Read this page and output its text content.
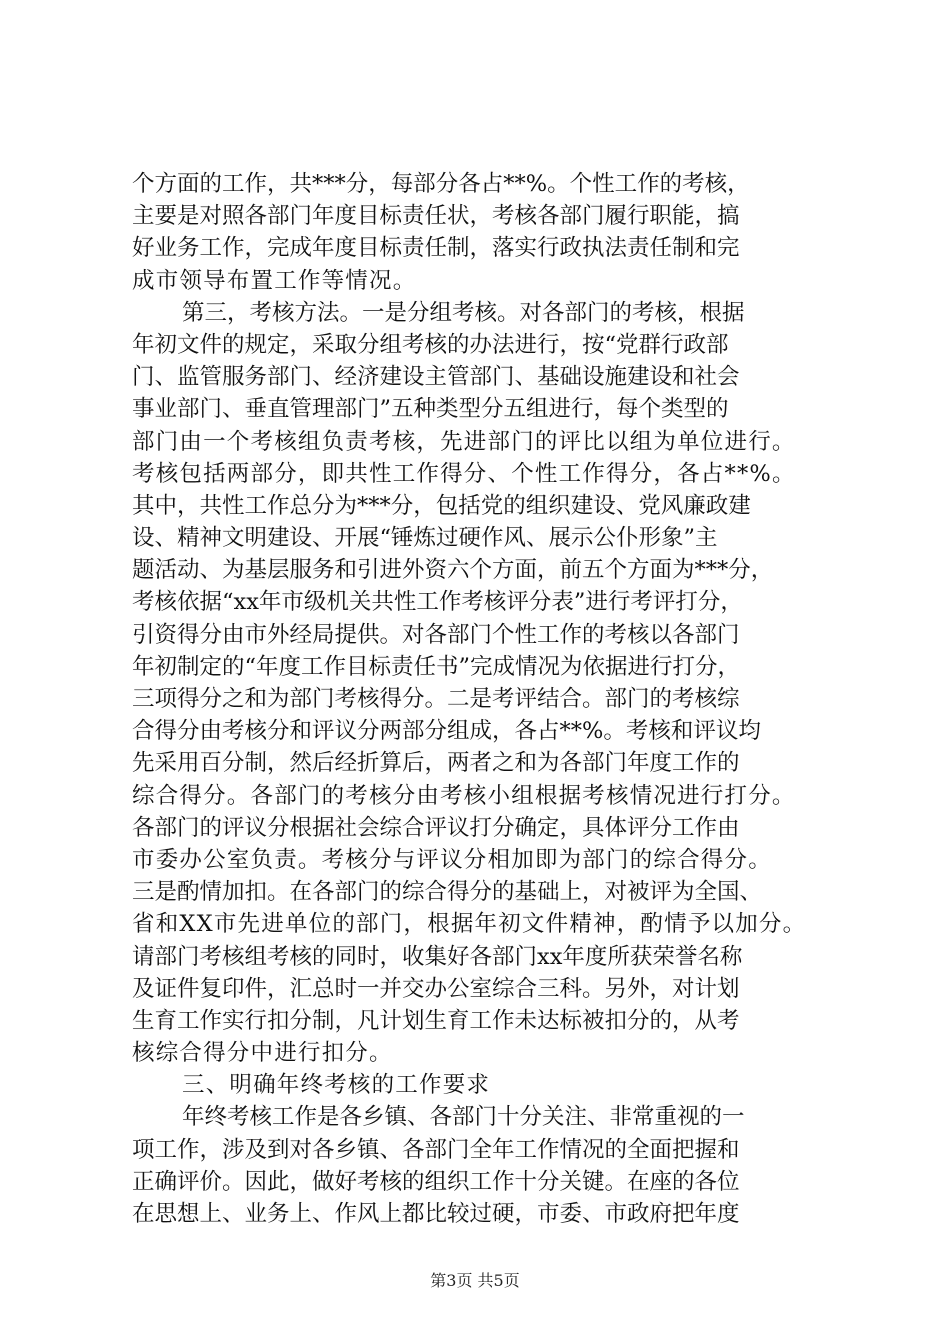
个方面的工作，共***分，每部分各占**%。个性工作的考核，
主要是对照各部门年度目标责任状，考核各部门履行职能，搞
好业务工作，完成年度目标责任制，落实行政执法责任制和完
成市领导布置工作等情况。
第三，考核方法。一是分组考核。对各部门的考核，根据
年初文件的规定，采取分组考核的办法进行，按“党群行政部
门、监管服务部门、经济建设主管部门、基础设施建设和社会
事业部门、垂直管理部门”五种类型分五组进行，每个类型的
部门由一个考核组负责考核，先进部门的评比以组为单位进行。
考核包括两部分，即共性工作得分、个性工作得分，各占**%。
其中，共性工作总分为***分，包括党的组织建设、党风廉政建
设、精神文明建设、开展“锤炼过硬作风、展示公仆形象”主
题活动、为基层服务和引进外资六个方面，前五个方面为***分，
考核依据“xx年市级机关共性工作考核评分表”进行考评打分，
引资得分由市外经局提供。对各部门个性工作的考核以各部门
年初制定的“年度工作目标责任书”完成情况为依据进行打分，
三项得分之和为部门考核得分。二是考评结合。部门的考核综
合得分由考核分和评议分两部分组成，各占**%。考核和评议均
先采用百分制，然后经折算后，两者之和为各部门年度工作的
综合得分。各部门的考核分由考核小组根据考核情况进行打分。
各部门的评议分根据社会综合评议打分确定，具体评分工作由
市委办公室负责。考核分与评议分相加即为部门的综合得分。
三是酌情加扣。在各部门的综合得分的基础上，对被评为全国、
省和XX市先进单位的部门，根据年初文件精神，酌情予以加分。
请部门考核组考核的同时，收集好各部门xx年度所获荣誉名称
及证件复印件，汇总时一并交办公室综合三科。另外，对计划
生育工作实行扣分制，凡计划生育工作未达标被扣分的，从考
核综合得分中进行扣分。
三、明确年终考核的工作要求
年终考核工作是各乡镇、各部门十分关注、非常重视的一
项工作，涉及到对各乡镇、各部门全年工作情况的全面把握和
正确评价。因此，做好考核的组织工作十分关键。在座的各位
在思想上、业务上、作风上都比较过硬，市委、市政府把年度
第3页 共5页
